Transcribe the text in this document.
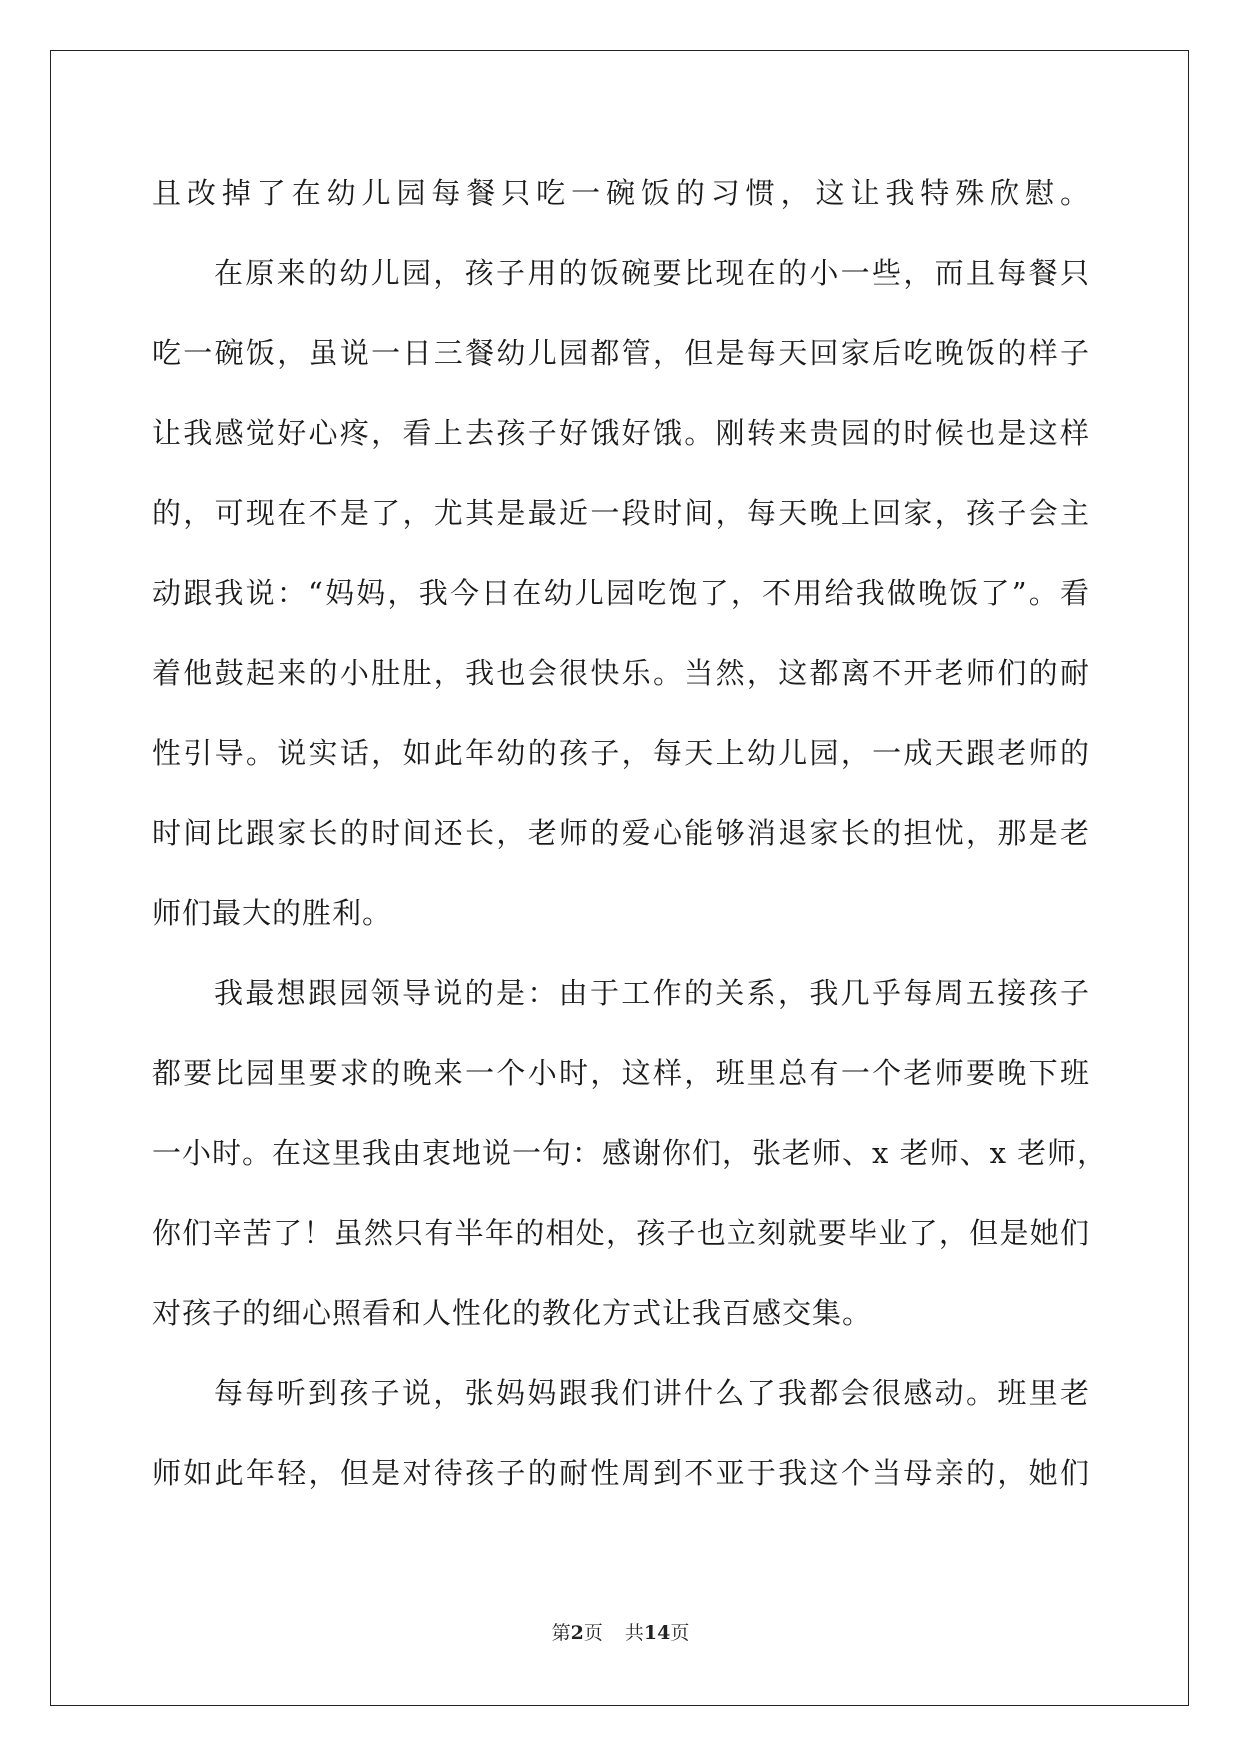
且改掉了在幼儿园每餐只吃一碗饭的习惯，这让我特殊欣慰。
在原来的幼儿园，孩子用的饭碗要比现在的小一些，而且每餐只
吃一碗饭，虽说一日三餐幼儿园都管，但是每天回家后吃晚饭的样子
让我感觉好心疼，看上去孩子好饿好饿。刚转来贵园的时候也是这样
的，可现在不是了，尤其是最近一段时间，每天晚上回家，孩子会主
动跟我说：“妈妈，我今日在幼儿园吃饱了，不用给我做晚饭了”。看
着他鼓起来的小肚肚，我也会很快乐。当然，这都离不开老师们的耐
性引导。说实话，如此年幼的孩子，每天上幼儿园，一成天跟老师的
时间比跟家长的时间还长，老师的爱心能够消退家长的担忧，那是老
师们最大的胜利。
我最想跟园领导说的是：由于工作的关系，我几乎每周五接孩子
都要比园里要求的晚来一个小时，这样，班里总有一个老师要晚下班
一小时。在这里我由衷地说一句：感谢你们，张老师、x 老师、x 老师，
你们辛苦了！虽然只有半年的相处，孩子也立刻就要毕业了，但是她们
对孩子的细心照看和人性化的教化方式让我百感交集。
每每听到孩子说，张妈妈跟我们讲什么了我都会很感动。班里老
师如此年轻，但是对待孩子的耐性周到不亚于我这个当母亲的，她们
第2页 共14页
